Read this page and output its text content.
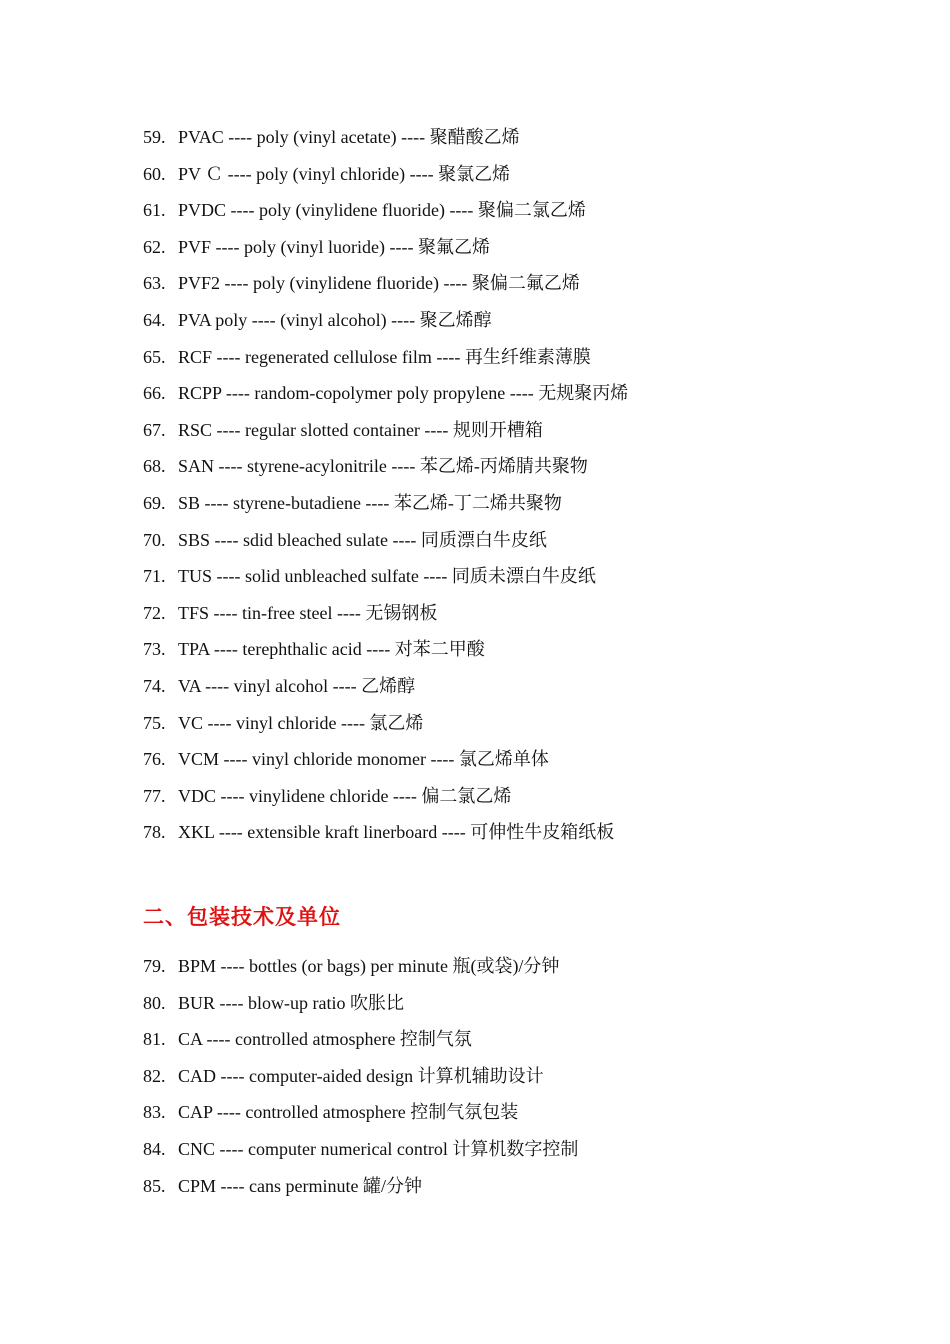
59. PVAC ---- poly (vinyl acetate) ---- 聚醋酸乙烯
60. PV Ｃ ---- poly (vinyl chloride) ---- 聚氯乙烯
61. PVDC ---- poly (vinylidene fluoride) ---- 聚偏二氯乙烯
62. PVF ---- poly (vinyl luoride) ---- 聚氟乙烯
63. PVF2 ---- poly (vinylidene fluoride) ---- 聚偏二氟乙烯
64. PVA poly ---- (vinyl alcohol) ---- 聚乙烯醇
65. RCF ---- regenerated cellulose film ---- 再生纤维素薄膜
66. RCPP ---- random-copolymer poly propylene ---- 无规聚丙烯
67. RSC ---- regular slotted container ---- 规则开槽箱
68. SAN ---- styrene-acylonitrile ---- 苯乙烯-丙烯腈共聚物
69. SB ---- styrene-butadiene ---- 苯乙烯-丁二烯共聚物
70. SBS ---- sdid bleached sulate ---- 同质漂白牛皮纸
71. TUS ---- solid unbleached sulfate ---- 同质未漂白牛皮纸
72. TFS ---- tin-free steel ---- 无锡钢板
73. TPA ---- terephthalic acid ---- 对苯二甲酸
74. VA ---- vinyl alcohol ---- 乙烯醇
75. VC ---- vinyl chloride ---- 氯乙烯
76. VCM ---- vinyl chloride monomer ---- 氯乙烯单体
77. VDC ---- vinylidene chloride ---- 偏二氯乙烯
78. XKL ---- extensible kraft linerboard ---- 可伸性牛皮箱纸板
二、包装技术及单位
79. BPM ---- bottles (or bags) per minute 瓶(或袋)/分钟
80. BUR ---- blow-up ratio 吹胀比
81. CA ---- controlled atmosphere 控制气氛
82. CAD ---- computer-aided design 计算机辅助设计
83. CAP ---- controlled atmosphere 控制气氛包装
84. CNC ---- computer numerical control 计算机数字控制
85. CPM ---- cans perminute 罐/分钟
